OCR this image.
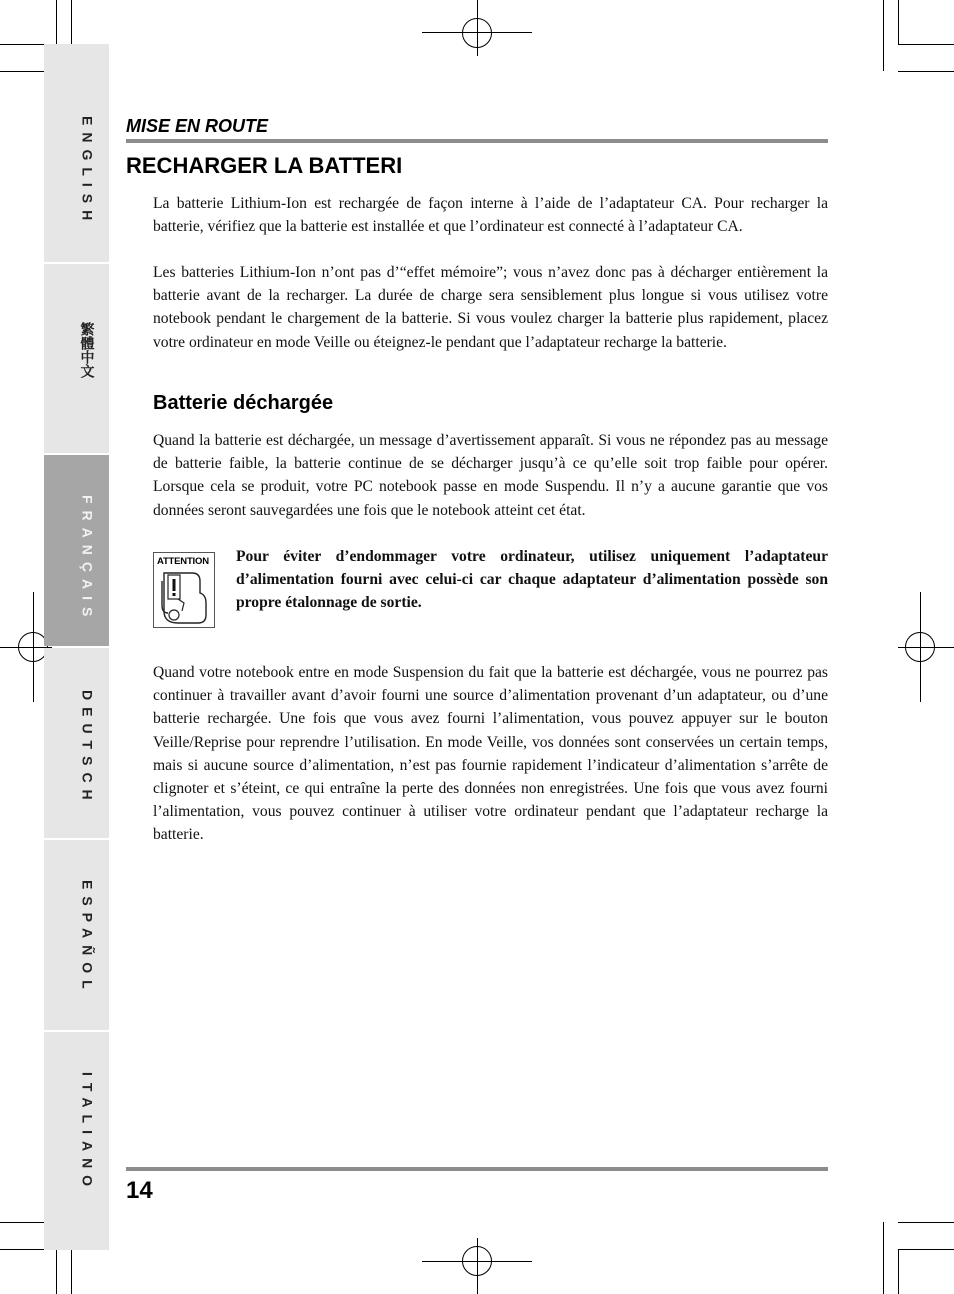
ENGLISH
繁體中文
FRANÇAIS
DEUTSCH
ESPAÑOL
ITALIANO
MISE EN ROUTE
RECHARGER LA BATTERI

La batterie Lithium-Ion est rechargée de façon interne à l’aide de l’adaptateur CA. Pour recharger la batterie, vérifiez que la batterie est installée et que l’ordinateur est connecté à l’adaptateur CA.

Les batteries Lithium-Ion n’ont pas d’“effet mémoire”; vous n’avez donc pas à décharger entièrement la batterie avant de la recharger. La durée de charge sera sensiblement plus longue si vous utilisez votre notebook pendant le chargement de la batterie. Si vous voulez charger la batterie plus rapidement, placez votre ordinateur en mode Veille ou éteignez-le pendant que l’adaptateur recharge la batterie.

Batterie déchargée

Quand la batterie est déchargée, un message d’avertissement apparaît. Si vous ne répondez pas au message de batterie faible, la batterie continue de se décharger jusqu’à ce qu’elle soit trop faible pour opérer. Lorsque cela se produit, votre PC notebook passe en mode Suspendu. Il n’y a aucune garantie que vos données seront sauvegardées une fois que le notebook atteint cet état.

ATTENTION Pour éviter d’endommager votre ordinateur, utilisez uniquement l’adaptateur d’alimentation fourni avec celui-ci car chaque adaptateur d’alimentation possède son propre étalonnage de sortie.

Quand votre notebook entre en mode Suspension du fait que la batterie est déchargée, vous ne pourrez pas continuer à travailler avant d’avoir fourni une source d’alimentation provenant d’un adaptateur, ou d’une batterie rechargée. Une fois que vous avez fourni l’alimentation, vous pouvez appuyer sur le bouton Veille/Reprise pour reprendre l’utilisation. En mode Veille, vos données sont conservées un certain temps, mais si aucune source d’alimentation, n’est pas fournie rapidement l’indicateur d’alimentation s’arrête de clignoter et s’éteint, ce qui entraîne la perte des données non enregistrées. Une fois que vous avez fourni l’alimentation, vous pouvez continuer à utiliser votre ordinateur pendant que l’adaptateur recharge la batterie.

14
